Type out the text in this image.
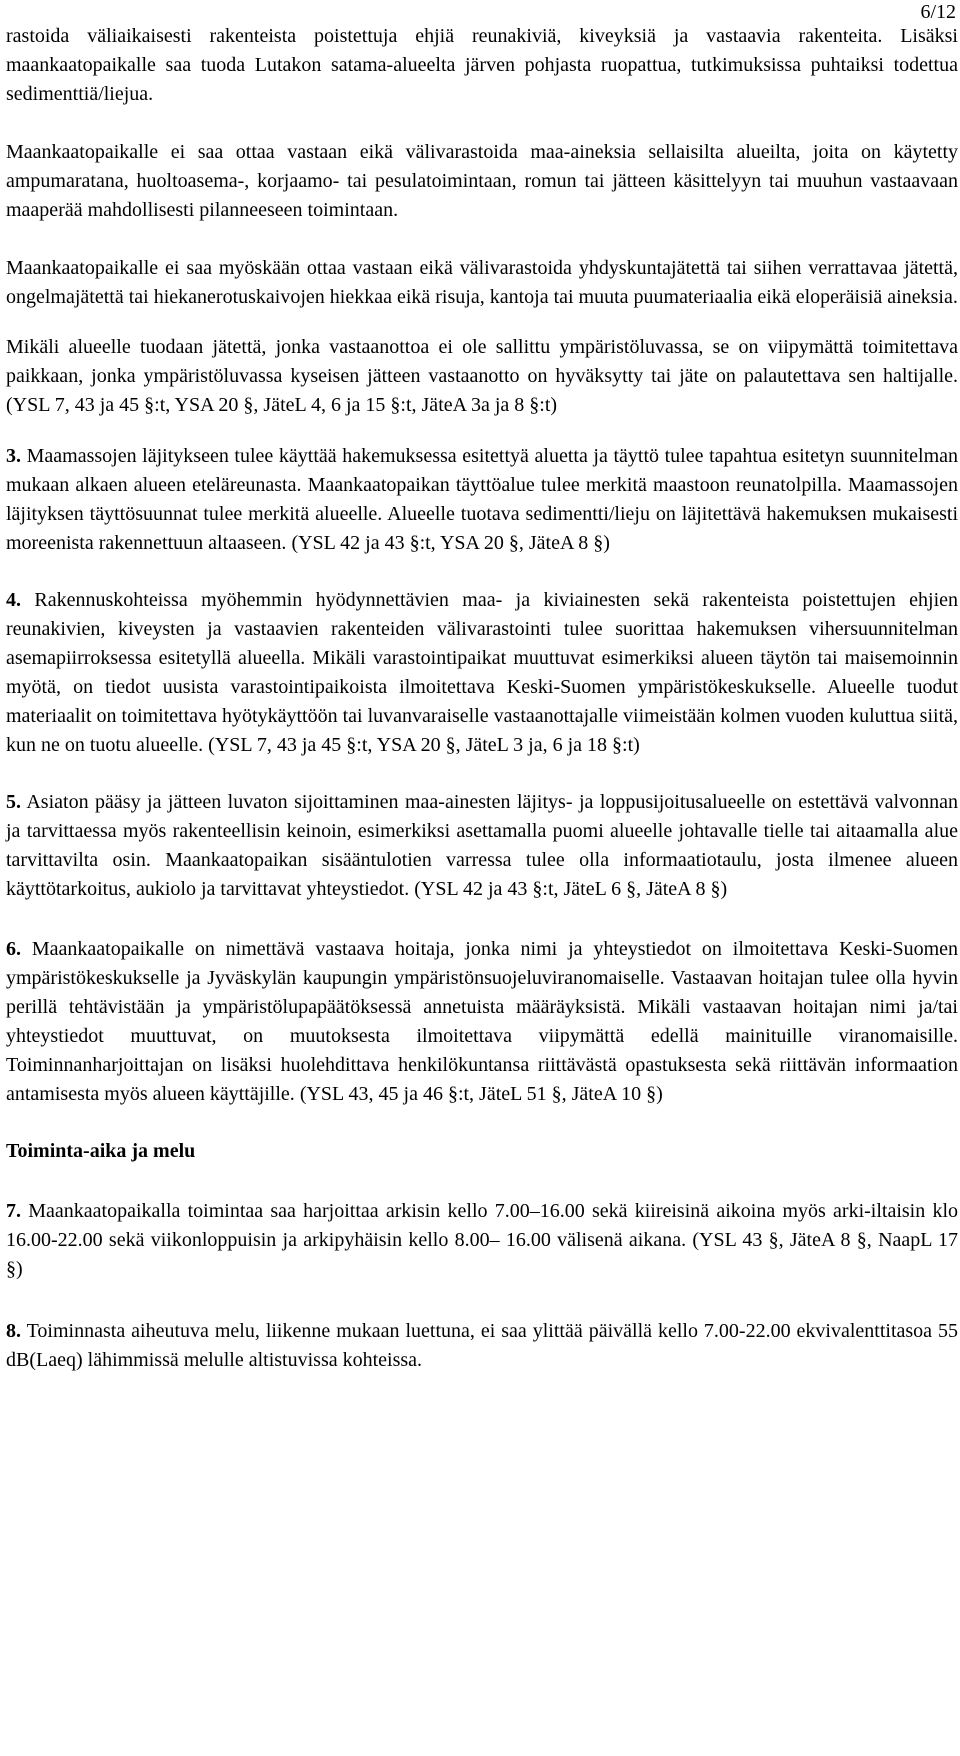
6/12

rastoida väliaikaisesti rakenteista poistettuja ehjiä reunakiviä, kiveyksiä ja vastaavia rakenteita. Lisäksi maankaatopaikalle saa tuoda Lutakon satama-alueelta järven pohjasta ruopattua, tutkimuksissa puhtaiksi todettua sedimenttiä/liejua.

Maankaatopaikalle ei saa ottaa vastaan eikä välivarastoida maa-aineksia sellaisilta alueilta, joita on käytetty ampumaratana, huoltoasema-, korjaamo- tai pesulatoimintaan, romun tai jätteen käsittelyyn tai muuhun vastaavaan maaperää mahdollisesti pilanneeseen toimintaan.

Maankaatopaikalle ei saa myöskään ottaa vastaan eikä välivarastoida yhdyskuntajätettä tai siihen verrattavaa jätettä, ongelmajätettä tai hiekanerotuskaivojen hiekkaa eikä risuja, kantoja tai muuta puumateriaalia eikä eloperäisiä aineksia.

Mikäli alueelle tuodaan jätettä, jonka vastaanottoa ei ole sallittu ympäristöluvassa, se on viipymättä toimitettava paikkaan, jonka ympäristöluvassa kyseisen jätteen vastaanotto on hyväksytty tai jäte on palautettava sen haltijalle. (YSL 7, 43 ja 45 §:t, YSA 20 §, JäteL 4, 6 ja 15 §:t, JäteA 3a ja 8 §:t)

3. Maamassojen läjitykseen tulee käyttää hakemuksessa esitettyä aluetta ja täyttö tulee tapahtua esitetyn suunnitelman mukaan alkaen alueen eteläreunasta. Maankaatopaikan täyttöalue tulee merkitä maastoon reunatolpilla. Maamassojen läjityksen täyttösuunnat tulee merkitä alueelle. Alueelle tuotava sedimentti/lieju on läjitettävä hakemuksen mukaisesti moreenista rakennettuun altaaseen. (YSL 42 ja 43 §:t, YSA 20 §, JäteA 8 §)

4. Rakennuskohteissa myöhemmin hyödynnettävien maa- ja kiviainesten sekä rakenteista poistettujen ehjien reunakivien, kiveysten ja vastaavien rakenteiden välivarastointi tulee suorittaa hakemuksen vihersuunnitelman asemapiirroksessa esitetyllä alueella. Mikäli varastointipaikat muuttuvat esimerkiksi alueen täytön tai maisemoinnin myötä, on tiedot uusista varastointipaikoista ilmoitettava Keski-Suomen ympäristökeskukselle. Alueelle tuodut materiaalit on toimitettava hyötykäyttöön tai luvanvaraiselle vastaanottajalle viimeistään kolmen vuoden kuluttua siitä, kun ne on tuotu alueelle. (YSL 7, 43 ja 45 §:t, YSA 20 §, JäteL 3 ja, 6 ja 18 §:t)

5. Asiaton pääsy ja jätteen luvaton sijoittaminen maa-ainesten läjitys- ja loppusijoitusalueelle on estettävä valvonnan ja tarvittaessa myös rakenteellisin keinoin, esimerkiksi asettamalla puomi alueelle johtavalle tielle tai aitaamalla alue tarvittavilta osin. Maankaatopaikan sisääntulotien varressa tulee olla informaatiotaulu, josta ilmenee alueen käyttötarkoitus, aukiolo ja tarvittavat yhteystiedot. (YSL 42 ja 43 §:t, JäteL 6 §, JäteA 8 §)

6. Maankaatopaikalle on nimettävä vastaava hoitaja, jonka nimi ja yhteystiedot on ilmoitettava Keski-Suomen ympäristökeskukselle ja Jyväskylän kaupungin ympäristönsuojeluviranomaiselle. Vastaavan hoitajan tulee olla hyvin perillä tehtävistään ja ympäristölupapäätöksessä annetuista määräyksistä. Mikäli vastaavan hoitajan nimi ja/tai yhteystiedot muuttuvat, on muutoksesta ilmoitettava viipymättä edellä mainituille viranomaisille. Toiminnanharjoittajan on lisäksi huolehdittava henkilökuntansa riittävästä opastuksesta sekä riittävän informaation antamisesta myös alueen käyttäjille. (YSL 43, 45 ja 46 §:t, JäteL 51 §, JäteA 10 §)

Toiminta-aika ja melu

7. Maankaatopaikalla toimintaa saa harjoittaa arkisin kello 7.00–16.00 sekä kiireisinä aikoina myös arki-iltaisin klo 16.00-22.00 sekä viikonloppuisin ja arkipyhäisin kello 8.00– 16.00 välisenä aikana. (YSL 43 §, JäteA 8 §, NaapL 17 §)

8. Toiminnasta aiheutuva melu, liikenne mukaan luettuna, ei saa ylittää päivällä kello 7.00-22.00 ekvivalenttitasoa 55 dB(Laeq) lähimmissä melulle altistuvissa kohteissa.
